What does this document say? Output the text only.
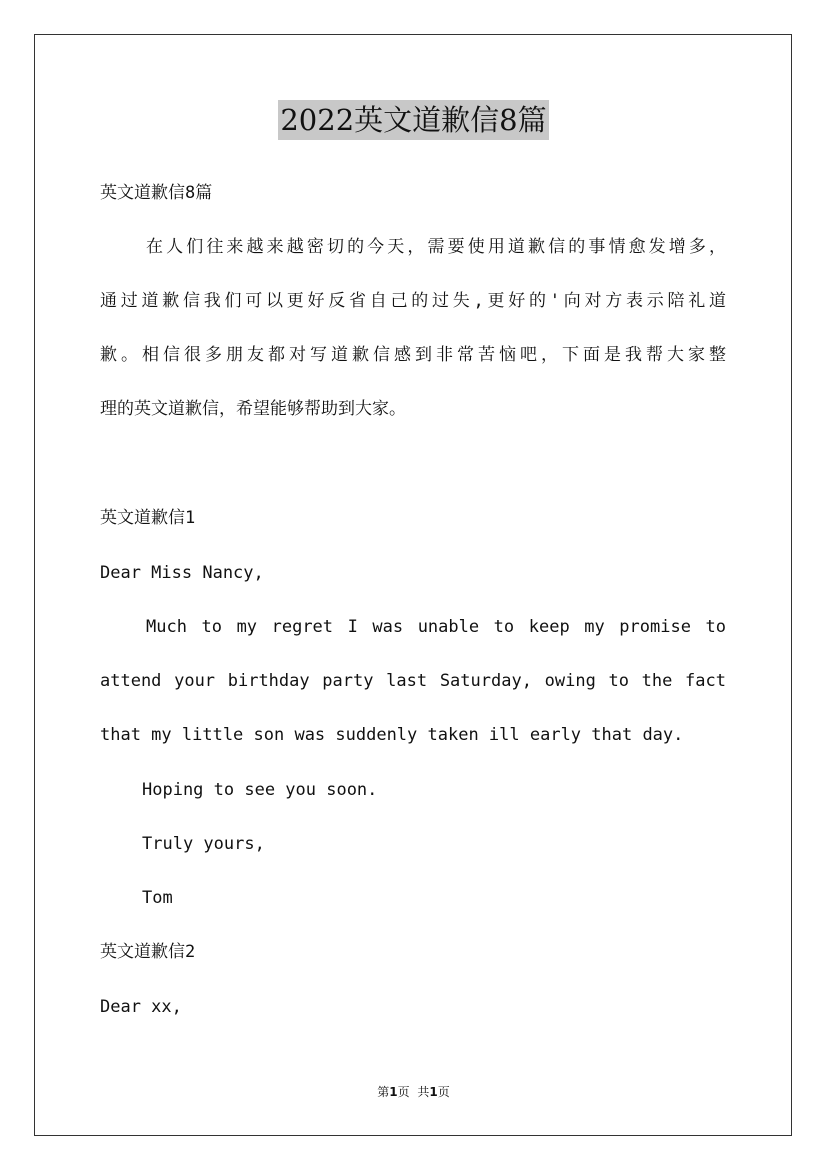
2022英文道歉信8篇
英文道歉信8篇
在人们往来越来越密切的今天，需要使用道歉信的事情愈发增多，
通过道歉信我们可以更好反省自己的过失,更好的'向对方表示陪礼道
歉。相信很多朋友都对写道歉信感到非常苦恼吧，下面是我帮大家整
理的英文道歉信，希望能够帮助到大家。
英文道歉信1
Dear Miss Nancy,
Much to my regret I was unable to keep my promise to
attend your birthday party last Saturday, owing to the fact
that my little son was suddenly taken ill early that day.
Hoping to see you soon.
Truly yours,
Tom
英文道歉信2
Dear xx,
第1页 共1页
